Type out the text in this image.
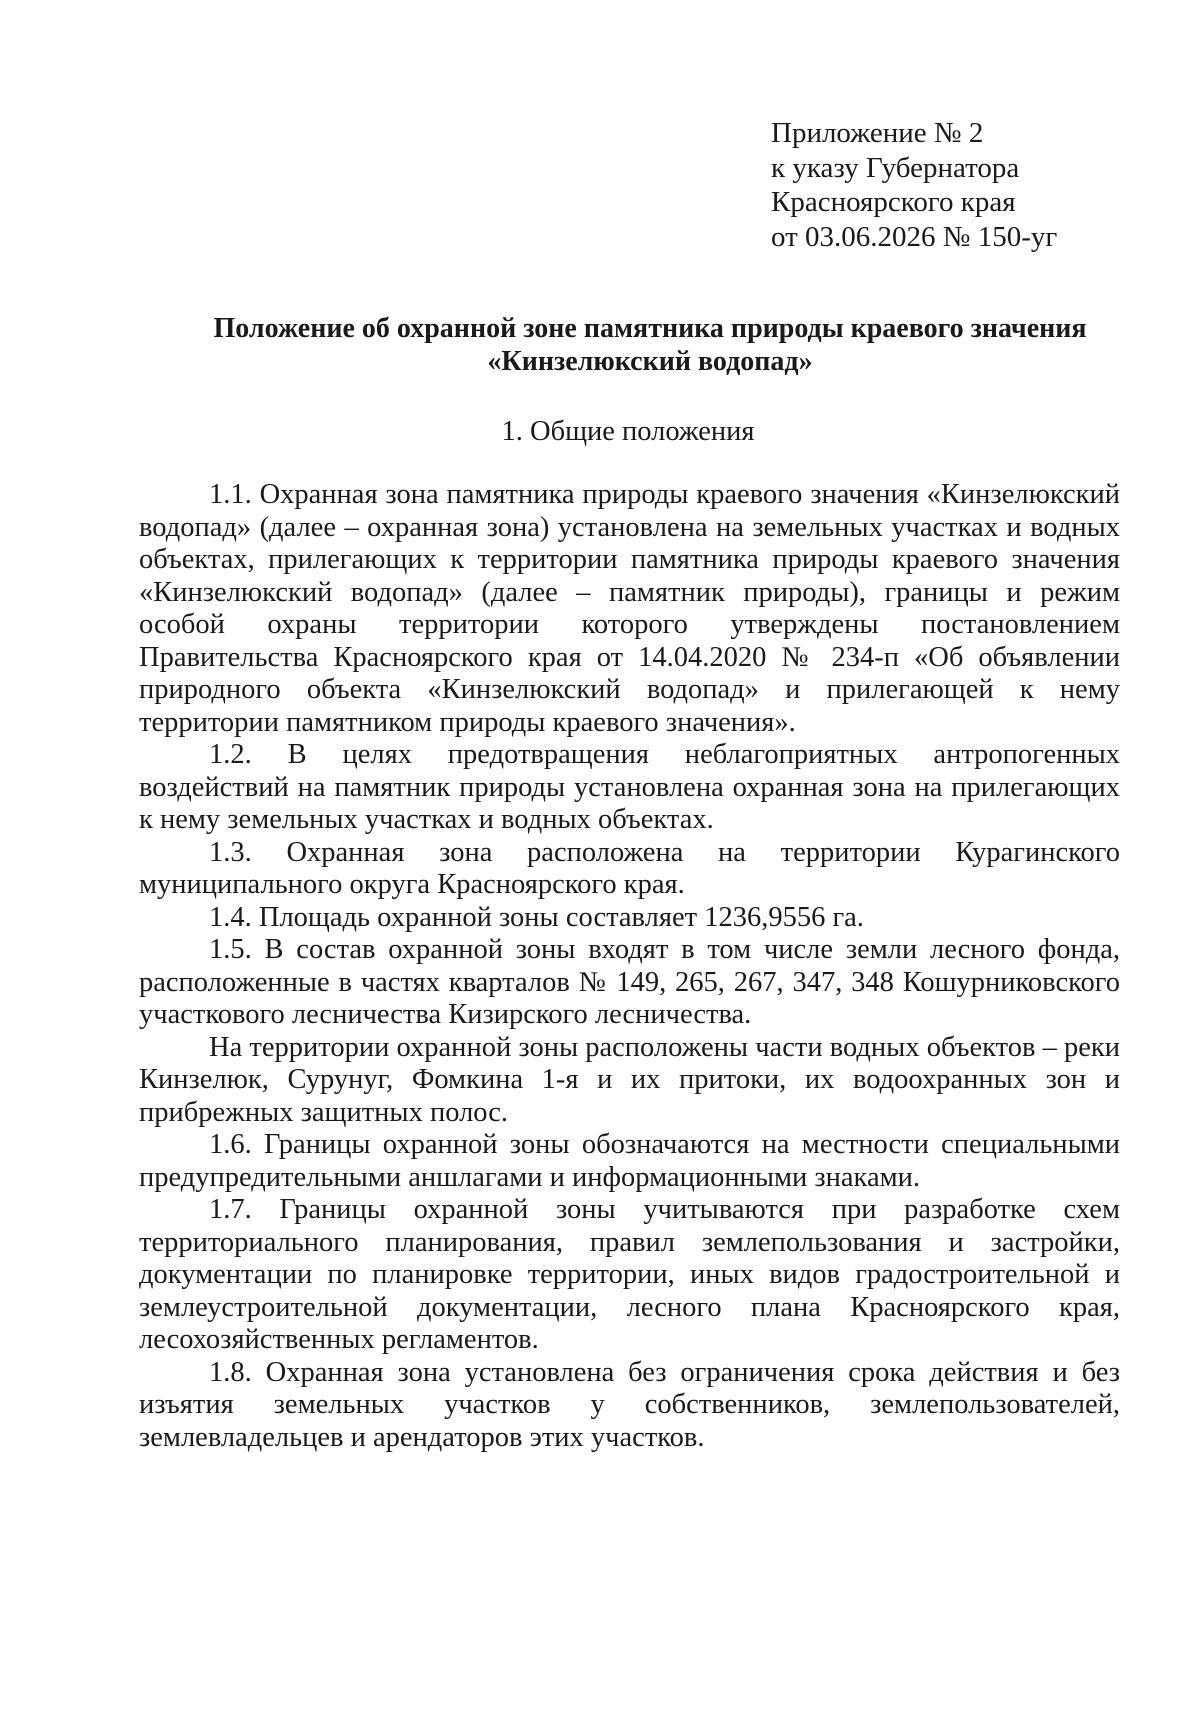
Приложение № 2
к указу Губернатора
Красноярского края
от 03.06.2026 № 150-уг
Положение об охранной зоне памятника природы краевого значения
«Кинзелюкский водопад»
1. Общие положения

1.1. Охранная зона памятника природы краевого значения «Кинзелюкский водопад» (далее – охранная зона) установлена на земельных участках и водных объектах, прилегающих к территории памятника природы краевого значения «Кинзелюкский водопад» (далее – памятник природы), границы и режим особой охраны территории которого утверждены постановлением Правительства Красноярского края от 14.04.2020 № 234-п «Об объявлении природного объекта «Кинзелюкский водопад» и прилегающей к нему территории памятником природы краевого значения».

1.2. В целях предотвращения неблагоприятных антропогенных воздействий на памятник природы установлена охранная зона на прилегающих к нему земельных участках и водных объектах.

1.3. Охранная зона расположена на территории Курагинского муниципального округа Красноярского края.

1.4. Площадь охранной зоны составляет 1236,9556 га.

1.5. В состав охранной зоны входят в том числе земли лесного фонда, расположенные в частях кварталов № 149, 265, 267, 347, 348 Кошурниковского участкового лесничества Кизирского лесничества.

На территории охранной зоны расположены части водных объектов – реки Кинзелюк, Сурунуг, Фомкина 1-я и их притоки, их водоохранных зон и прибрежных защитных полос.

1.6. Границы охранной зоны обозначаются на местности специальными предупредительными аншлагами и информационными знаками.

1.7. Границы охранной зоны учитываются при разработке схем территориального планирования, правил землепользования и застройки, документации по планировке территории, иных видов градостроительной и землеустроительной документации, лесного плана Красноярского края, лесохозяйственных регламентов.

1.8. Охранная зона установлена без ограничения срока действия и без изъятия земельных участков у собственников, землепользователей, землевладельцев и арендаторов этих участков.
